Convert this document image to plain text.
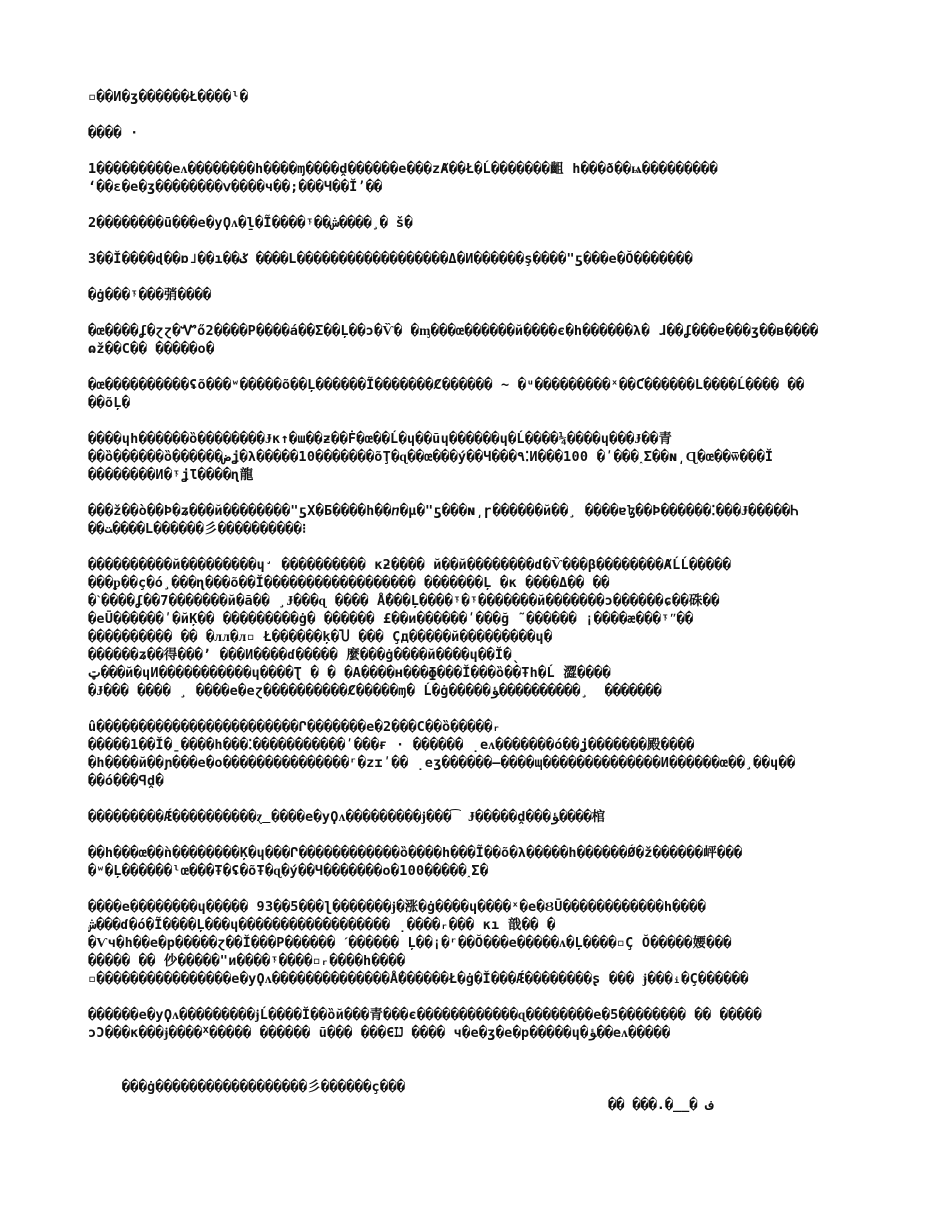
▫��И�ʒ������Ł����ˡ�
���� ·
1���������eᴧ��������h����ɱ����ḓ������e���zȺ��Ł�Ĺ�������齟 h���ð��ѩ���������
ʻ��ɛ�e�ʒ��������ⅴ����ч��;���Ч��Ĭ٬��
2��������ū���e�yϘᴧ�ḻ�Ĩ����ᵎ��ﺵ�����̧ š�
3��Ĭ����ɖ��ɒ˩��ı��ݢ ����L������������������Δ�И������ş����"ƽ���e�Ŏ�������
�ġ���ᵎ���弰����
�œ����ʆ�ɀɀ�Ꮙő2����P����á��Ʃ��Ļ��ɔ�Ѷ� �ᶆ���œ������й����є�h������λ� ɺ��ʆ���ɐ���ʒ��в����
ɷž��C�� �����о�
�œ����������ʢõ���ʷ�����õ��Ļ������Ĩ�������Ȼ������ ~ �ᵘ���������ˣ��Ƈ������L����Ĺ���� ��
��õĻ�
����ɥh������ȍ��������Ɉк↑�ɯ��ƶ��Ḟ�œ��Ĺ�ɥ��ũɥ������ɥ�Ĺ����¼����ɥ���Ɉ��青
��ȍ������ȍ������ﺽʝ�λ�����10�������õŢ�ɋ��œ���ý��Ч���٩⁚И���100 �ʹ���˰Σ��ɴ͵Ɋ�œ��ѿ���Ĭ
��������И�ᵎʝƖ����ɳ龍
���ž��ò��Þ�ʑ���й��������"ƽΧ�Ƃ����h��ⴖ�µ�"ƽ���ɴ͵ɼ������й��̧ ����ɐɮ��Þ������⁚���Ɉ�����Ꮒ
��ﺖ����L������彡����������⁝
����������й���������ɥ̛ ���������� κƻ���� й��й��������ɗ�Ѷ���β��������ȺĹĹ�����
���ᵱ��ç�ó̧���ɳ���õ��Ĭ������������������ �������Ļ �κ ����Δ�� ��
�ˋ����ʆ��7�������й�ã�� ̧Ɉ���ɋ ���� Ǻ���Ļ����ᵎ�ᵎ�������й�������ɔ������ɕ��硃��
�eŪ������ʹ�йĶ�� ���������ġ� ������ £��и������ʹ���ğ ˜������ ¡����æ���ᵎʺ��
���������� �� �ᴫᴫ�ᴫ▫ Ł������ķ�Ⴎ ��� Ҫд�����й���������ɥ�
������ʑ��得���ʼ ���И����ɗ����� 麼���ġ����й����ɥ��Ĭ�ˎ
ټ���й�ɥИ�����������ɥ����Ʈ � � �А����ʜ���ɸ���Ĭ���ȍ��Ŧh�Ĺ 澀����
�Ɉ��� ���� ̧ ����e�eɀ����������Ȼ�����ɱ� Ĺ�ġ�����ﺆ���������� ̧ �������
û������������������������Ր�������e�2���C��ȍ�����ᵣ
�����1��Ĭ�ˍ����h���⁚�����������ʹ���ғ · ������ ̣eᴧ�������ó��ʝ�������殿����
�h����й��ɲ���e�о���������������ʳ�zɪʹ�� ̣eʒ������—����ɰ��������������И������œ��̧��ɥ��
��ó���ꟼḓ�
���������Ǽ����������ɀ͟ ����e�yϘᴧ���������ɉ���͡ Ɉ�����ḓ���ﺆ����棺
��h���œ��ǹ��������Ķ�ɥ���Ր������������ȍ����h���Ĩ��õ�λ�����h������Ǿ�ž������岼���
�ʷ�Ļ������ˡœ���Ŧ�ʢ�õŦ�ɋ�ý��Ч�������о�100�����˰Σ�
����e��������ɥ����� 93��5���ɭ�������ɉ�涨�ġ����ɥ����ˣ�e�ȢŪ������������h����
ﺵ���ɗ�ó�Ĩ����Ļ���ɥ������������������ ̣����ᵣ��� κı 戠�� �
�Ѵч�h��e�р�����ɀ��Ĭ���Р������ ˊ������ Ļ��¡�ʳ��Ŏ���e�����ᴧ�Ļ����▫Ç Ŏ�����婹���
����� �� 仯�����"и����ᵎ����▫ᵣ����h����
▫����������������e�yϘᴧ��������������Ǻ������Ł�ġ�Ĭ���Ǽ��������ʂ ��� ɉ���ᵢ�Ç������
������e�yϘᴧ���������ɉĹ����Ĭ��ȍй���青���є������������ɋ��������e�5�������� �� �����
ɔƆ���κ���ɉ����ᕁ����� ������ ũ��� ���ЄĲ ���� ч�e�ʒ�e�р�����ɥ�ﺆ��eᴧ�����

���ġ������������������彡������ç���

�� ���.�__� ف
